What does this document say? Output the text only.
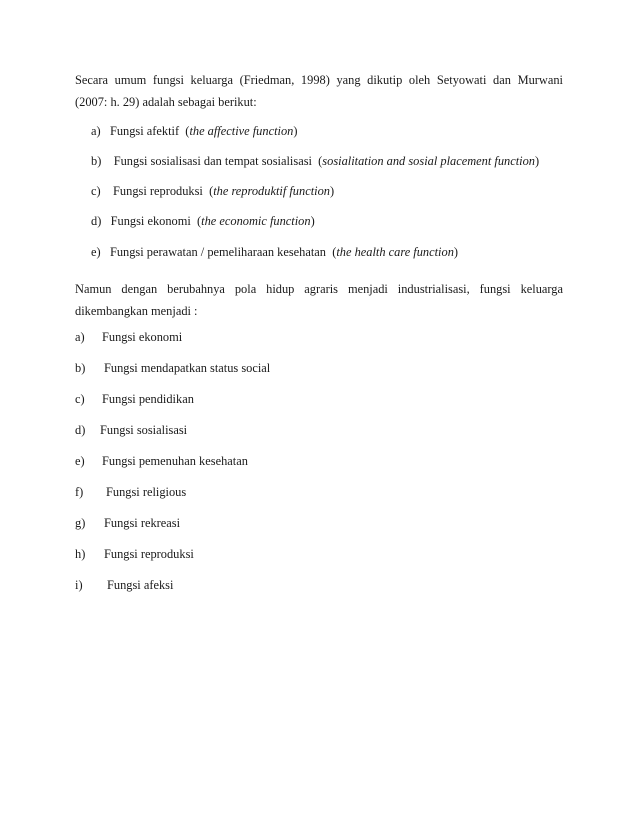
Secara umum fungsi keluarga (Friedman, 1998) yang dikutip oleh Setyowati dan Murwani
(2007: h. 29) adalah sebagai berikut:
a) Fungsi afektif  (the affective function)
b) Fungsi sosialisasi dan tempat sosialisasi  (sosialitation and sosial placement function)
c) Fungsi reproduksi  (the reproduktif function)
d) Fungsi ekonomi  (the economic function)
e) Fungsi perawatan / pemeliharaan kesehatan  (the health care function)
Namun dengan berubahnya pola hidup agraris menjadi industrialisasi, fungsi keluarga
dikembangkan menjadi :
a) Fungsi ekonomi
b) Fungsi mendapatkan status social
c) Fungsi pendidikan
d) Fungsi sosialisasi
e) Fungsi pemenuhan kesehatan
f) Fungsi religious
g) Fungsi rekreasi
h) Fungsi reproduksi
i) Fungsi afeksi
